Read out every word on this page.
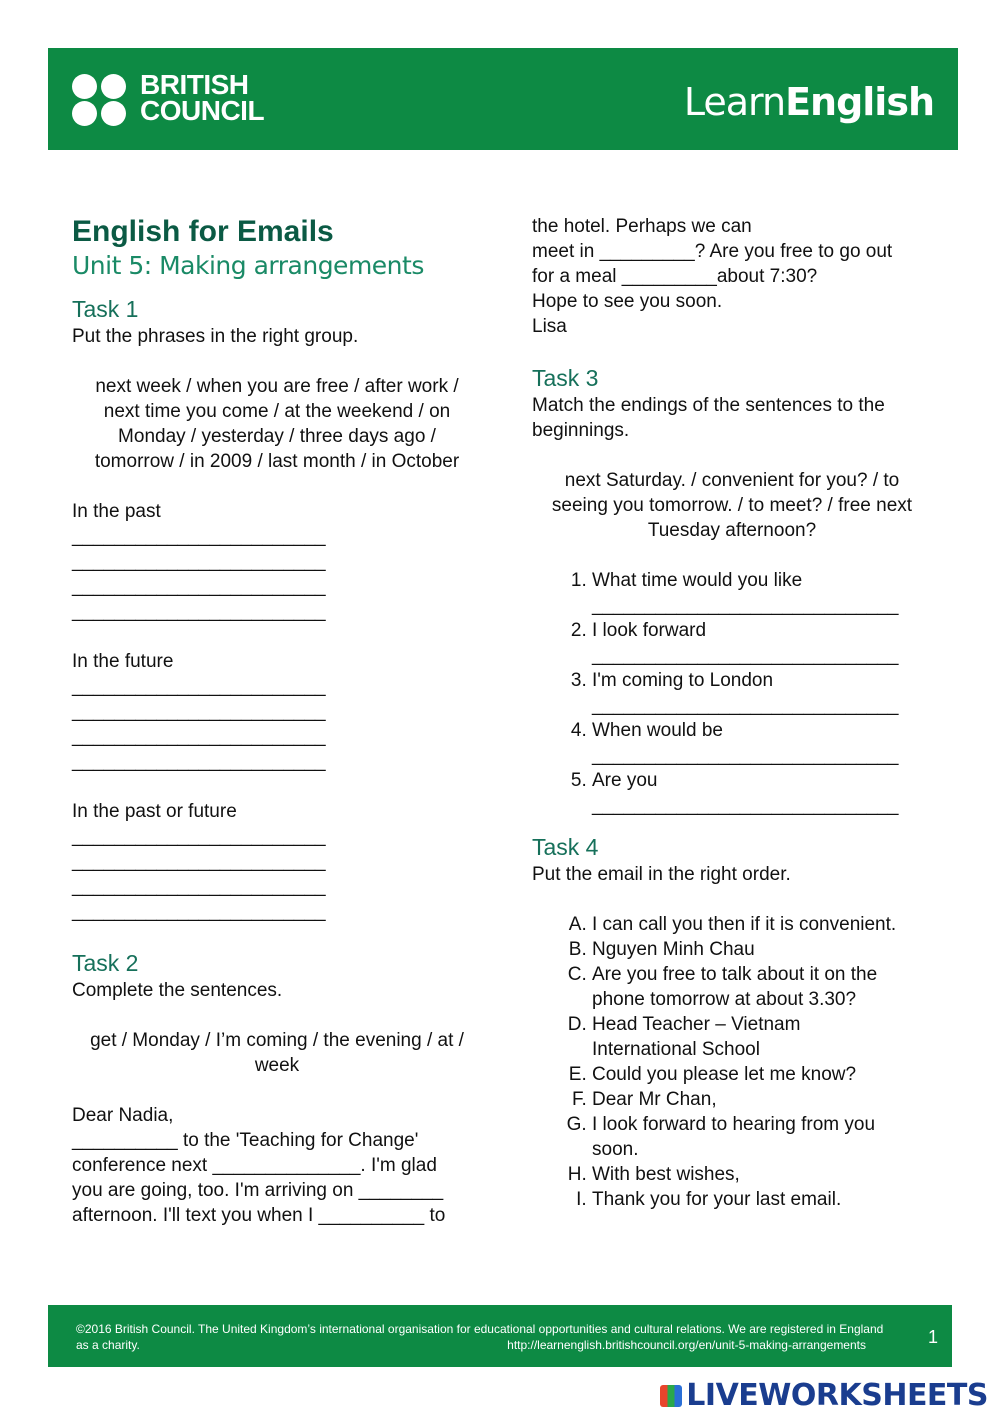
BRITISH
COUNCIL	LearnEnglish
English for Emails
Unit 5: Making arrangements
Task 1
Put the phrases in the right group.
next week / when you are free / after work /
next time you come / at the weekend / on
Monday / yesterday / three days ago /
tomorrow / in 2009 / last month / in October
In the past
________________________
________________________
________________________
________________________
In the future
________________________
________________________
________________________
________________________
In the past or future
________________________
________________________
________________________
________________________
Task 2
Complete the sentences.
get / Monday / I’m coming / the evening / at /
week
Dear Nadia,
__________ to the 'Teaching for Change'
conference next ______________. I'm glad
you are going, too. I'm arriving on ________
afternoon. I'll text you when I __________ to
the hotel. Perhaps we can
meet in _________? Are you free to go out
for a meal _________about 7:30?
Hope to see you soon.
Lisa
Task 3
Match the endings of the sentences to the
beginnings.
next Saturday. / convenient for you? / to
seeing you tomorrow. / to meet? / free next
Tuesday afternoon?
1. What time would you like
_____________________________
2. I look forward
_____________________________
3. I'm coming to London
_____________________________
4. When would be
_____________________________
5. Are you
_____________________________
Task 4
Put the email in the right order.
A. I can call you then if it is convenient.
B. Nguyen Minh Chau
C. Are you free to talk about it on the
phone tomorrow at about 3.30?
D. Head Teacher – Vietnam
International School
E. Could you please let me know?
F. Dear Mr Chan,
G. I look forward to hearing from you
soon.
H. With best wishes,
I. Thank you for your last email.
©2016 British Council. The United Kingdom’s international organisation for educational opportunities and cultural relations. We are registered in England as a charity.	http://learnenglish.britishcouncil.org/en/unit-5-making-arrangements	1
LIVEWORKSHEETS
